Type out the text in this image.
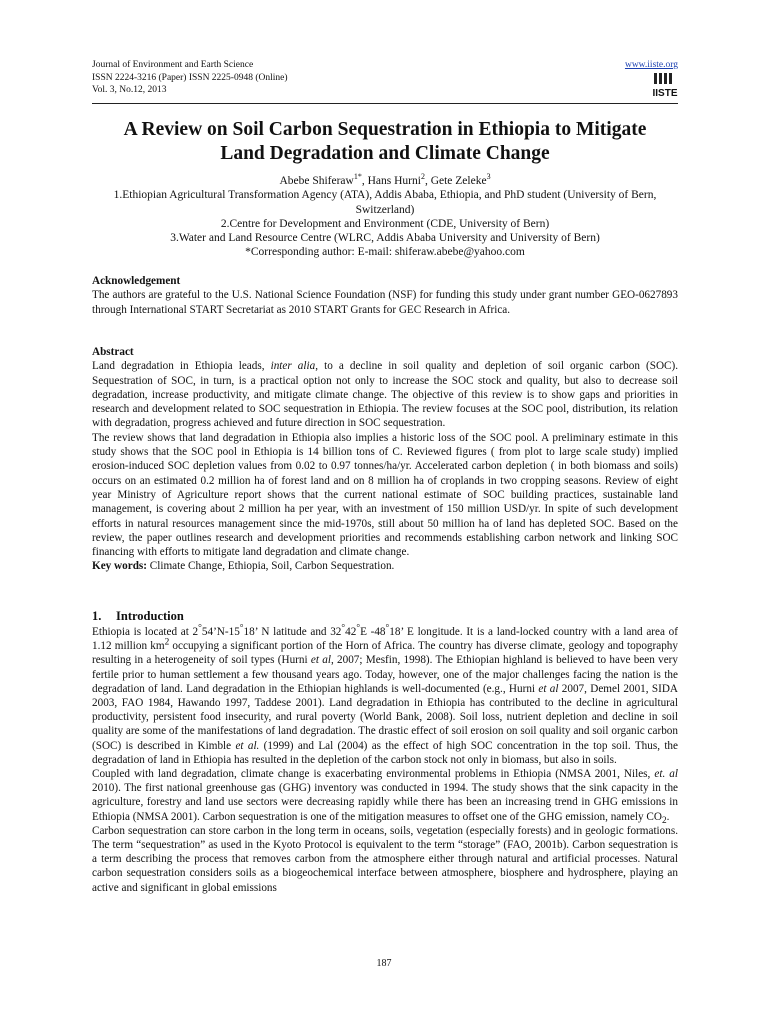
Journal of Environment and Earth Science
ISSN 2224-3216 (Paper) ISSN 2225-0948 (Online)
Vol. 3, No.12, 2013
www.iiste.org
IISTE
A Review on Soil Carbon Sequestration in Ethiopia to Mitigate
Land Degradation and Climate Change
Abebe Shiferaw$^{1*}$, Hans Hurni$^2$, Gete Zeleke$^3$
1.Ethiopian Agricultural Transformation Agency (ATA), Addis Ababa, Ethiopia, and PhD student (University of Bern, Switzerland)
2.Centre for Development and Environment (CDE, University of Bern)
3.Water and Land Resource Centre (WLRC, Addis Ababa University and University of Bern)
*Corresponding author: E-mail: shiferaw.abebe@yahoo.com

Acknowledgement

The authors are grateful to the U.S. National Science Foundation (NSF) for funding this study under grant number GEO-0627893 through International START Secretariat as 2010 START Grants for GEC Research in Africa.

Abstract

Land degradation in Ethiopia leads, inter alia, to a decline in soil quality and depletion of soil organic carbon (SOC). Sequestration of SOC, in turn, is a practical option not only to increase the SOC stock and quality, but also to decrease soil degradation, increase productivity, and mitigate climate change. The objective of this review is to show gaps and priorities in research and development related to SOC sequestration in Ethiopia. The review focuses at the SOC pool, distribution, its relation with degradation, progress achieved and future direction in SOC sequestration.

The review shows that land degradation in Ethiopia also implies a historic loss of the SOC pool. A preliminary estimate in this study shows that the SOC pool in Ethiopia is 14 billion tons of C. Reviewed figures ( from plot to large scale study) implied erosion-induced SOC depletion values from 0.02 to 0.97 tonnes/ha/yr. Accelerated carbon depletion ( in both biomass and soils) occurs on an estimated 0.2 million ha of forest land and on 8 million ha of croplands in two cropping seasons. Review of eight year Ministry of Agriculture report shows that the current national estimate of SOC building practices, sustainable land management, is covering about 2 million ha per year, with an investment of 150 million USD/yr. In spite of such development efforts in natural resources management since the mid-1970s, still about 50 million ha of land has depleted SOC. Based on the review, the paper outlines research and development priorities and recommends establishing carbon network and linking SOC financing with efforts to mitigate land degradation and climate change.

Key words: Climate Change, Ethiopia, Soil, Carbon Sequestration.

1. Introduction

Ethiopia is located at 2°54’N-15°18’ N latitude and 32°42°E -48°18’ E longitude. It is a land-locked country with a land area of 1.12 million $km^2$ occupying a significant portion of the Horn of Africa. The country has diverse climate, geology and topography resulting in a heterogeneity of soil types (Hurni et al, 2007; Mesfin, 1998). The Ethiopian highland is believed to have been very fertile prior to human settlement a few thousand years ago. Today, however, one of the major challenges facing the nation is the degradation of land. Land degradation in the Ethiopian highlands is well-documented (e.g., Hurni et al 2007, Demel 2001, SIDA 2003, FAO 1984, Hawando 1997, Taddese 2001). Land degradation in Ethiopia has contributed to the decline in agricultural productivity, persistent food insecurity, and rural poverty (World Bank, 2008). Soil loss, nutrient depletion and decline in soil quality are some of the manifestations of land degradation. The drastic effect of soil erosion on soil quality and soil organic carbon (SOC) is described in Kimble et al. (1999) and Lal (2004) as the effect of high SOC concentration in the top soil. Thus, the degradation of land in Ethiopia has resulted in the depletion of the carbon stock not only in biomass, but also in soils.

Coupled with land degradation, climate change is exacerbating environmental problems in Ethiopia (NMSA 2001, Niles, et. al 2010). The first national greenhouse gas (GHG) inventory was conducted in 1994. The study shows that the sink capacity in the agriculture, forestry and land use sectors were decreasing rapidly while there has been an increasing trend in GHG emissions in Ethiopia (NMSA 2001). Carbon sequestration is one of the mitigation measures to offset one of the GHG emission, namely $CO_2$.

Carbon sequestration can store carbon in the long term in oceans, soils, vegetation (especially forests) and in geologic formations. The term “sequestration” as used in the Kyoto Protocol is equivalent to the term “storage” (FAO, 2001b). Carbon sequestration is a term describing the process that removes carbon from the atmosphere either through natural and artificial processes. Natural carbon sequestration considers soils as a biogeochemical interface between atmosphere, biosphere and hydrosphere, playing an active and significant in global emissions

187
